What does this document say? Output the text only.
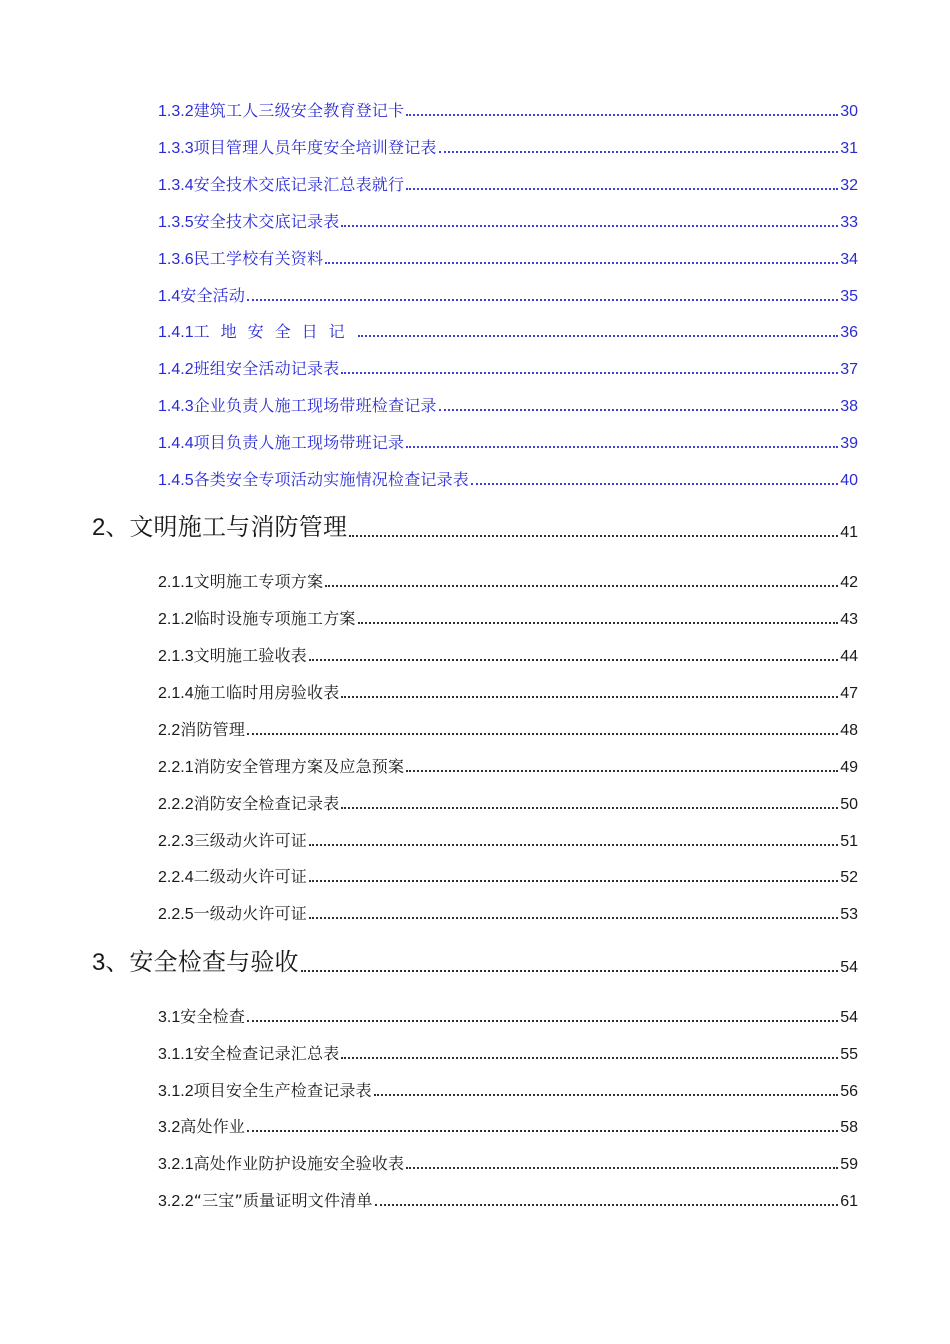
1.3.2 建筑工人三级安全教育登记卡	30
1.3.3 项目管理人员年度安全培训登记表	31
1.3.4 安全技术交底记录汇总表就行	32
1.3.5 安全技术交底记录表	33
1.3.6 民工学校有关资料	34
1.4 安全活动	35
1.4.1 工地安全日记	36
1.4.2 班组安全活动记录表	37
1.4.3 企业负责人施工现场带班检查记录	38
1.4.4 项目负责人施工现场带班记录	39
1.4.5 各类安全专项活动实施情况检查记录表	40
2、 文明施工与消防管理	41
2.1.1 文明施工专项方案	42
2.1.2 临时设施专项施工方案	43
2.1.3 文明施工验收表	44
2.1.4 施工临时用房验收表	47
2.2 消防管理	48
2.2.1 消防安全管理方案及应急预案	49
2.2.2 消防安全检查记录表	50
2.2.3 三级动火许可证	51
2.2.4 二级动火许可证	52
2.2.5 一级动火许可证	53
3、 安全检查与验收	54
3.1 安全检查	54
3.1.1 安全检查记录汇总表	55
3.1.2 项目安全生产检查记录表	56
3.2 高处作业	58
3.2.1 高处作业防护设施安全验收表	59
3.2.2 “三宝”质量证明文件清单	61
